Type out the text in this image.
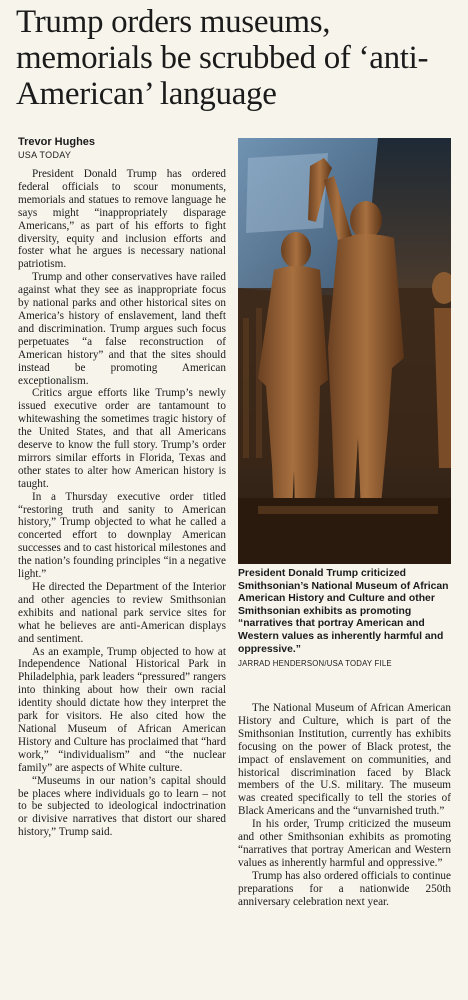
Trump orders museums, memorials be scrubbed of ‘anti-American’ language
Trevor Hughes
USA TODAY

President Donald Trump has ordered federal officials to scour monuments, memorials and statues to remove language he says might “inappropriately disparage Americans,” as part of his efforts to fight diversity, equity and inclusion efforts and foster what he argues is necessary national patriotism.

Trump and other conservatives have railed against what they see as inappropriate focus by national parks and other historical sites on America’s history of enslavement, land theft and discrimination. Trump argues such focus perpetuates “a false reconstruction of American history” and that the sites should instead be promoting American exceptionalism.

Critics argue efforts like Trump’s newly issued executive order are tantamount to whitewashing the sometimes tragic history of the United States, and that all Americans deserve to know the full story. Trump’s order mirrors similar efforts in Florida, Texas and other states to alter how American history is taught.

In a Thursday executive order titled “restoring truth and sanity to American history,” Trump objected to what he called a concerted effort to downplay American successes and to cast historical milestones and the nation’s founding principles “in a negative light.”

He directed the Department of the Interior and other agencies to review Smithsonian exhibits and national park service sites for what he believes are anti-American displays and sentiment.

As an example, Trump objected to how at Independence National Historical Park in Philadelphia, park leaders “pressured” rangers into thinking about how their own racial identity should dictate how they interpret the park for visitors. He also cited how the National Museum of African American History and Culture has proclaimed that “hard work,” “individualism” and “the nuclear family” are aspects of White culture.

“Museums in our nation’s capital should be places where individuals go to learn – not to be subjected to ideological indoctrination or divisive narratives that distort our shared history,” Trump said.

President Donald Trump criticized Smithsonian’s National Museum of African American History and Culture and other Smithsonian exhibits as promoting “narratives that portray American and Western values as inherently harmful and oppressive.”

JARRAD HENDERSON/USA TODAY FILE

The National Museum of African American History and Culture, which is part of the Smithsonian Institution, currently has exhibits focusing on the power of Black protest, the impact of enslavement on communities, and historical discrimination faced by Black members of the U.S. military. The museum was created specifically to tell the stories of Black Americans and the “unvarnished truth.”

In his order, Trump criticized the museum and other Smithsonian exhibits as promoting “narratives that portray American and Western values as inherently harmful and oppressive.”

Trump has also ordered officials to continue preparations for a nationwide 250th anniversary celebration next year.
